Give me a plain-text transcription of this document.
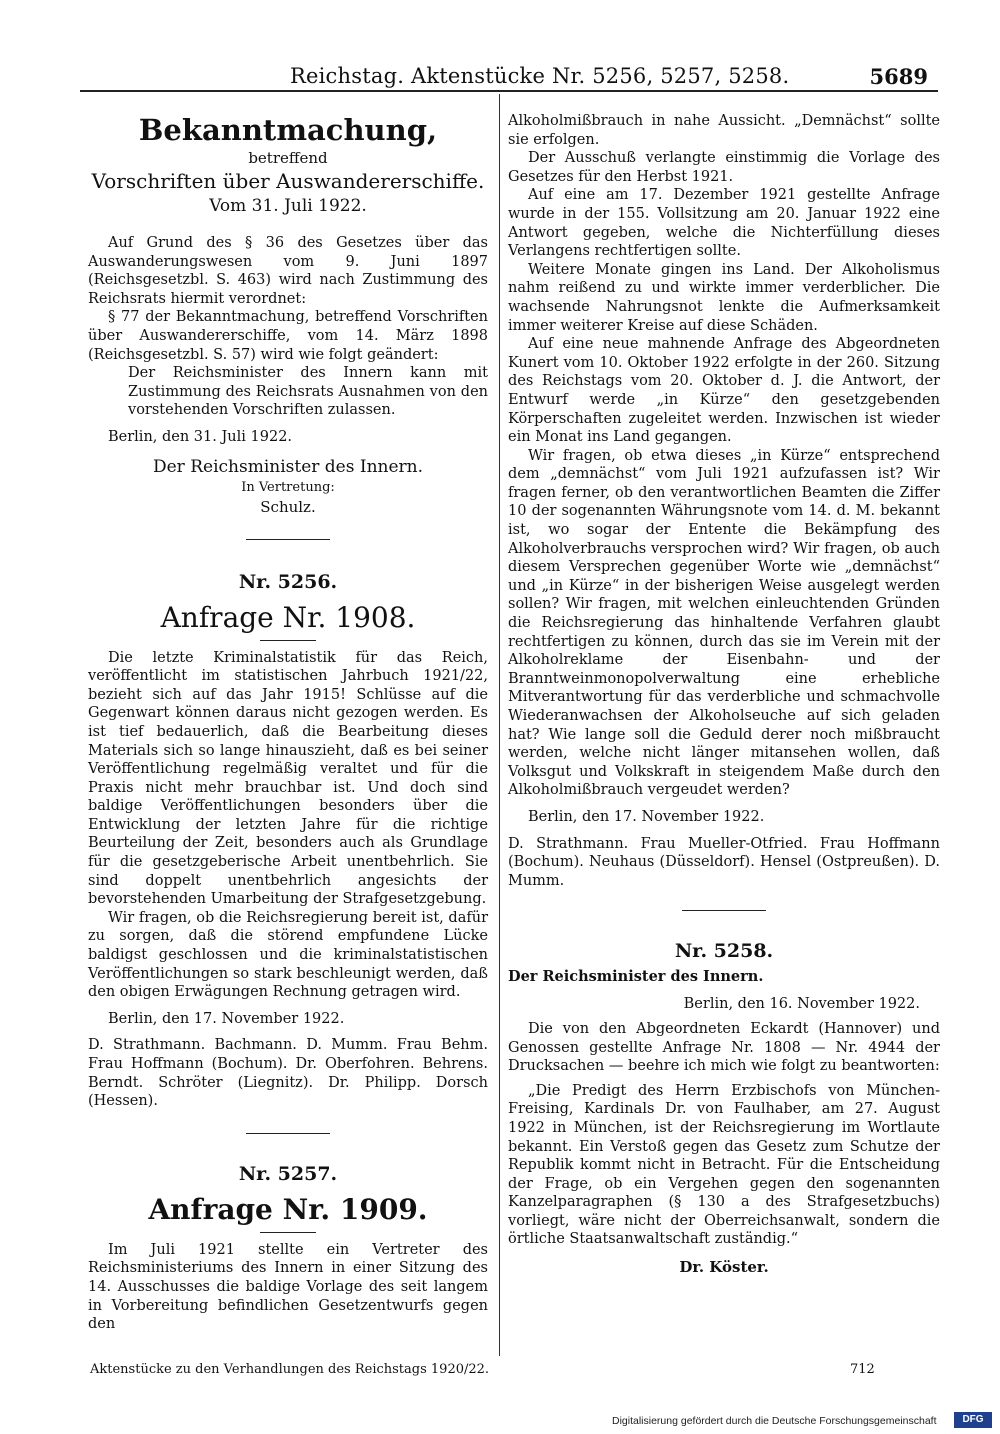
Reichstag. Aktenstücke Nr. 5256, 5257, 5258.	5689

Bekanntmachung,

betreffend

Vorschriften über Auswandererschiffe.

Vom 31. Juli 1922.

Auf Grund des § 36 des Gesetzes über das Auswanderungswesen vom 9. Juni 1897 (Reichsgesetzbl. S. 463) wird nach Zustimmung des Reichsrats hiermit verordnet:

§ 77 der Bekanntmachung, betreffend Vorschriften über Auswandererschiffe, vom 14. März 1898 (Reichsgesetzbl. S. 57) wird wie folgt geändert:

Der Reichsminister des Innern kann mit Zustimmung des Reichsrats Ausnahmen von den vorstehenden Vorschriften zulassen.

Berlin, den 31. Juli 1922.

Der Reichsminister des Innern.

In Vertretung:

Schulz.

Nr. 5256.

Anfrage Nr. 1908.

Die letzte Kriminalstatistik für das Reich, veröffentlicht im statistischen Jahrbuch 1921/22, bezieht sich auf das Jahr 1915! Schlüsse auf die Gegenwart können daraus nicht gezogen werden. Es ist tief bedauerlich, daß die Bearbeitung dieses Materials sich so lange hinauszieht, daß es bei seiner Veröffentlichung regelmäßig veraltet und für die Praxis nicht mehr brauchbar ist. Und doch sind baldige Veröffentlichungen besonders über die Entwicklung der letzten Jahre für die richtige Beurteilung der Zeit, besonders auch als Grundlage für die gesetzgeberische Arbeit unentbehrlich. Sie sind doppelt unentbehrlich angesichts der bevorstehenden Umarbeitung der Strafgesetzgebung.

Wir fragen, ob die Reichsregierung bereit ist, dafür zu sorgen, daß die störend empfundene Lücke baldigst geschlossen und die kriminalstatistischen Veröffentlichungen so stark beschleunigt werden, daß den obigen Erwägungen Rechnung getragen wird.

Berlin, den 17. November 1922.

D. Strathmann. Bachmann. D. Mumm. Frau Behm. Frau Hoffmann (Bochum). Dr. Oberfohren. Behrens. Berndt. Schröter (Liegnitz). Dr. Philipp. Dorsch (Hessen).

Nr. 5257.

Anfrage Nr. 1909.

Im Juli 1921 stellte ein Vertreter des Reichsministeriums des Innern in einer Sitzung des 14. Ausschusses die baldige Vorlage des seit langem in Vorbereitung befindlichen Gesetzentwurfs gegen den

Alkoholmißbrauch in nahe Aussicht. „Demnächst“ sollte sie erfolgen.

Der Ausschuß verlangte einstimmig die Vorlage des Gesetzes für den Herbst 1921.

Auf eine am 17. Dezember 1921 gestellte Anfrage wurde in der 155. Vollsitzung am 20. Januar 1922 eine Antwort gegeben, welche die Nichterfüllung dieses Verlangens rechtfertigen sollte.

Weitere Monate gingen ins Land. Der Alkoholismus nahm reißend zu und wirkte immer verderblicher. Die wachsende Nahrungsnot lenkte die Aufmerksamkeit immer weiterer Kreise auf diese Schäden.

Auf eine neue mahnende Anfrage des Abgeordneten Kunert vom 10. Oktober 1922 erfolgte in der 260. Sitzung des Reichstags vom 20. Oktober d. J. die Antwort, der Entwurf werde „in Kürze“ den gesetzgebenden Körperschaften zugeleitet werden. Inzwischen ist wieder ein Monat ins Land gegangen.

Wir fragen, ob etwa dieses „in Kürze“ entsprechend dem „demnächst“ vom Juli 1921 aufzufassen ist? Wir fragen ferner, ob den verantwortlichen Beamten die Ziffer 10 der sogenannten Währungsnote vom 14. d. M. bekannt ist, wo sogar der Entente die Bekämpfung des Alkoholverbrauchs versprochen wird? Wir fragen, ob auch diesem Versprechen gegenüber Worte wie „demnächst“ und „in Kürze“ in der bisherigen Weise ausgelegt werden sollen? Wir fragen, mit welchen einleuchtenden Gründen die Reichsregierung das hinhaltende Verfahren glaubt rechtfertigen zu können, durch das sie im Verein mit der Alkoholreklame der Eisenbahn- und der Branntweinmonopolverwaltung eine erhebliche Mitverantwortung für das verderbliche und schmachvolle Wiederanwachsen der Alkoholseuche auf sich geladen hat? Wie lange soll die Geduld derer noch mißbraucht werden, welche nicht länger mitansehen wollen, daß Volksgut und Volkskraft in steigendem Maße durch den Alkoholmißbrauch vergeudet werden?

Berlin, den 17. November 1922.

D. Strathmann. Frau Mueller-Otfried. Frau Hoffmann (Bochum). Neuhaus (Düsseldorf). Hensel (Ostpreußen). D. Mumm.

Nr. 5258.

Der Reichsminister des Innern.

Berlin, den 16. November 1922.

Die von den Abgeordneten Eckardt (Hannover) und Genossen gestellte Anfrage Nr. 1808 — Nr. 4944 der Drucksachen — beehre ich mich wie folgt zu beantworten:

„Die Predigt des Herrn Erzbischofs von München-Freising, Kardinals Dr. von Faulhaber, am 27. August 1922 in München, ist der Reichsregierung im Wortlaute bekannt. Ein Verstoß gegen das Gesetz zum Schutze der Republik kommt nicht in Betracht. Für die Entscheidung der Frage, ob ein Vergehen gegen den sogenannten Kanzelparagraphen (§ 130 a des Strafgesetzbuchs) vorliegt, wäre nicht der Oberreichsanwalt, sondern die örtliche Staatsanwaltschaft zuständig.“

Dr. Köster.

Aktenstücke zu den Verhandlungen des Reichstags 1920/22.	712
Digitalisierung gefördert durch die Deutsche Forschungsgemeinschaft	DFG
